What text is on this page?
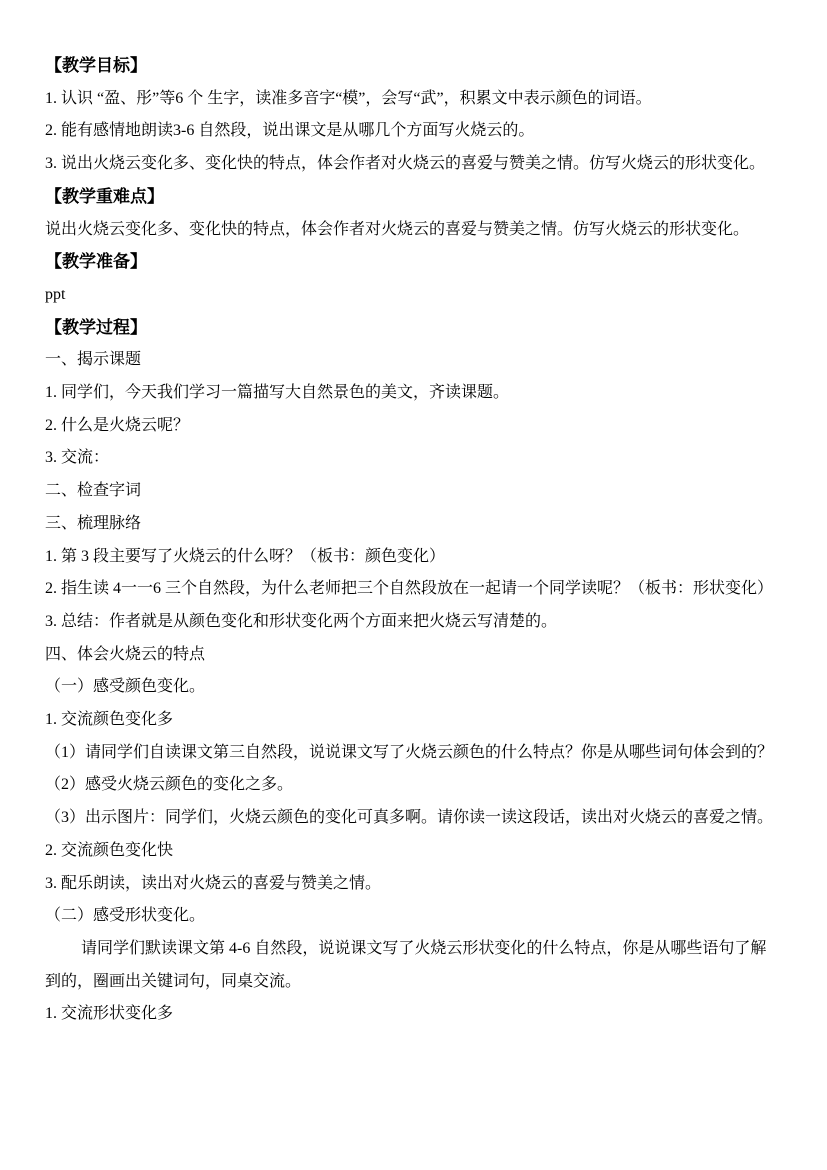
【教学目标】

1. 认识 “盈、彤”等6 个 生字，读准多音字“模”，会写“武”，积累文中表示颜色的词语。

2. 能有感情地朗读3-6 自然段，说出课文是从哪几个方面写火烧云的。

3. 说出火烧云变化多、变化快的特点，体会作者对火烧云的喜爱与赞美之情。仿写火烧云的形状变化。

【教学重难点】

说出火烧云变化多、变化快的特点，体会作者对火烧云的喜爱与赞美之情。仿写火烧云的形状变化。

【教学准备】

ppt

【教学过程】

一、揭示课题

1. 同学们，今天我们学习一篇描写大自然景色的美文，齐读课题。

2. 什么是火烧云呢？

3. 交流：

二、检查字词

三、梳理脉络

1. 第 3 段主要写了火烧云的什么呀？（板书：颜色变化）

2. 指生读 4一一6 三个自然段，为什么老师把三个自然段放在一起请一个同学读呢？（板书：形状变化）

3. 总结：作者就是从颜色变化和形状变化两个方面来把火烧云写清楚的。

四、体会火烧云的特点

（一）感受颜色变化。

1. 交流颜色变化多

（1）请同学们自读课文第三自然段，说说课文写了火烧云颜色的什么特点？你是从哪些词句体会到的？

（2）感受火烧云颜色的变化之多。

（3）出示图片：同学们，火烧云颜色的变化可真多啊。请你读一读这段话，读出对火烧云的喜爱之情。

2. 交流颜色变化快

3. 配乐朗读，读出对火烧云的喜爱与赞美之情。

（二）感受形状变化。

请同学们默读课文第 4-6 自然段，说说课文写了火烧云形状变化的什么特点，你是从哪些语句了解到的，圈画出关键词句，同桌交流。

1. 交流形状变化多
